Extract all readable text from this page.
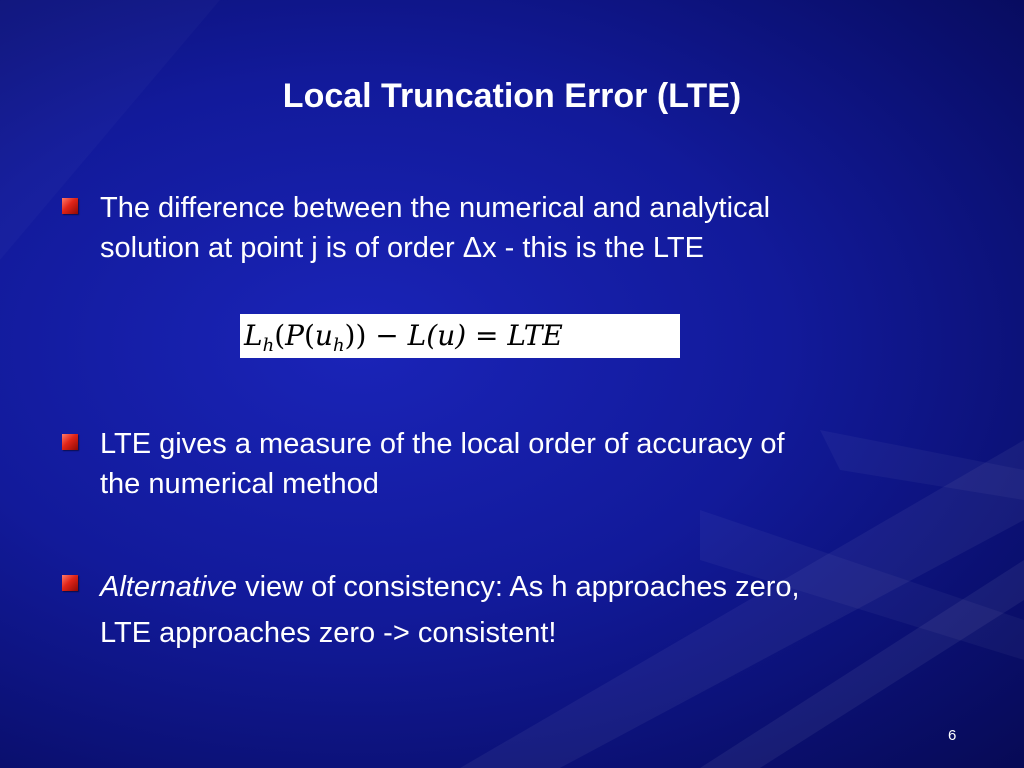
Local Truncation Error (LTE)
The difference between the numerical and analytical
solution at point j is of order Δx - this is the LTE
$L_h(P(u_h)) - L(u)$ = LTE
LTE gives a measure of the local order of accuracy of
the numerical method
Alternative view of consistency: As h approaches zero,
LTE approaches zero -> consistent!
6
